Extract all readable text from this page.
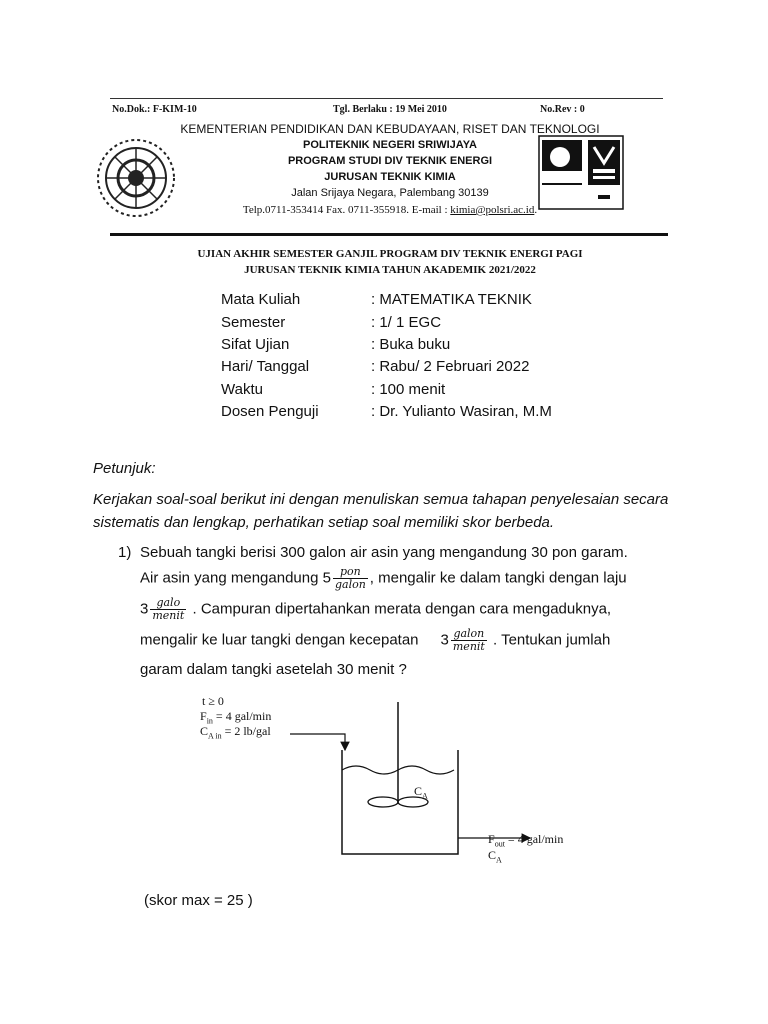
No.Dok.: F-KIM-10	Tgl. Berlaku : 19 Mei 2010	No.Rev : 0
KEMENTERIAN PENDIDIKAN DAN KEBUDAYAAN, RISET DAN TEKNOLOGI
POLITEKNIK NEGERI SRIWIJAYA
PROGRAM STUDI DIV TEKNIK ENERGI
JURUSAN TEKNIK KIMIA
Jalan Srijaya Negara, Palembang 30139
Telp.0711-353414 Fax. 0711-355918. E-mail : kimia@polsri.ac.id.
UJIAN AKHIR SEMESTER GANJIL PROGRAM DIV TEKNIK ENERGI PAGI
JURUSAN TEKNIK KIMIA TAHUN AKADEMIK 2021/2022
Mata Kuliah	: MATEMATIKA TEKNIK
Semester	: 1/ 1 EGC
Sifat Ujian	: Buka buku
Hari/ Tanggal	: Rabu/ 2 Februari 2022
Waktu	: 100 menit
Dosen Penguji	: Dr. Yulianto Wasiran, M.M
Petunjuk:
Kerjakan soal-soal berikut ini dengan menuliskan semua tahapan penyelesaian secara sistematis dan lengkap, perhatikan setiap soal memiliki skor berbeda.
1) Sebuah tangki berisi 300 galon air asin yang mengandung 30 pon garam.
Air asin yang mengandung $5 \frac{\text{pon}}{\text{galon}}$ , mengalir ke dalam tangki dengan laju
$3 \frac{\text{galo}}{\text{menit}}$ . Campuran dipertahankan merata dengan cara mengaduknya,
mengalir ke luar tangki dengan kecepatan $3 \frac{\text{galon}}{\text{menit}}$ . Tentukan jumlah
garam dalam tangki asetelah 30 menit ?
t ≥ 0
$F_{in} = 4$ gal/min
$C_{A in} = 2$ lb/gal
$C_A$
$F_{out} = 4$ gal/min
$C_A$
(skor max = 25 )
